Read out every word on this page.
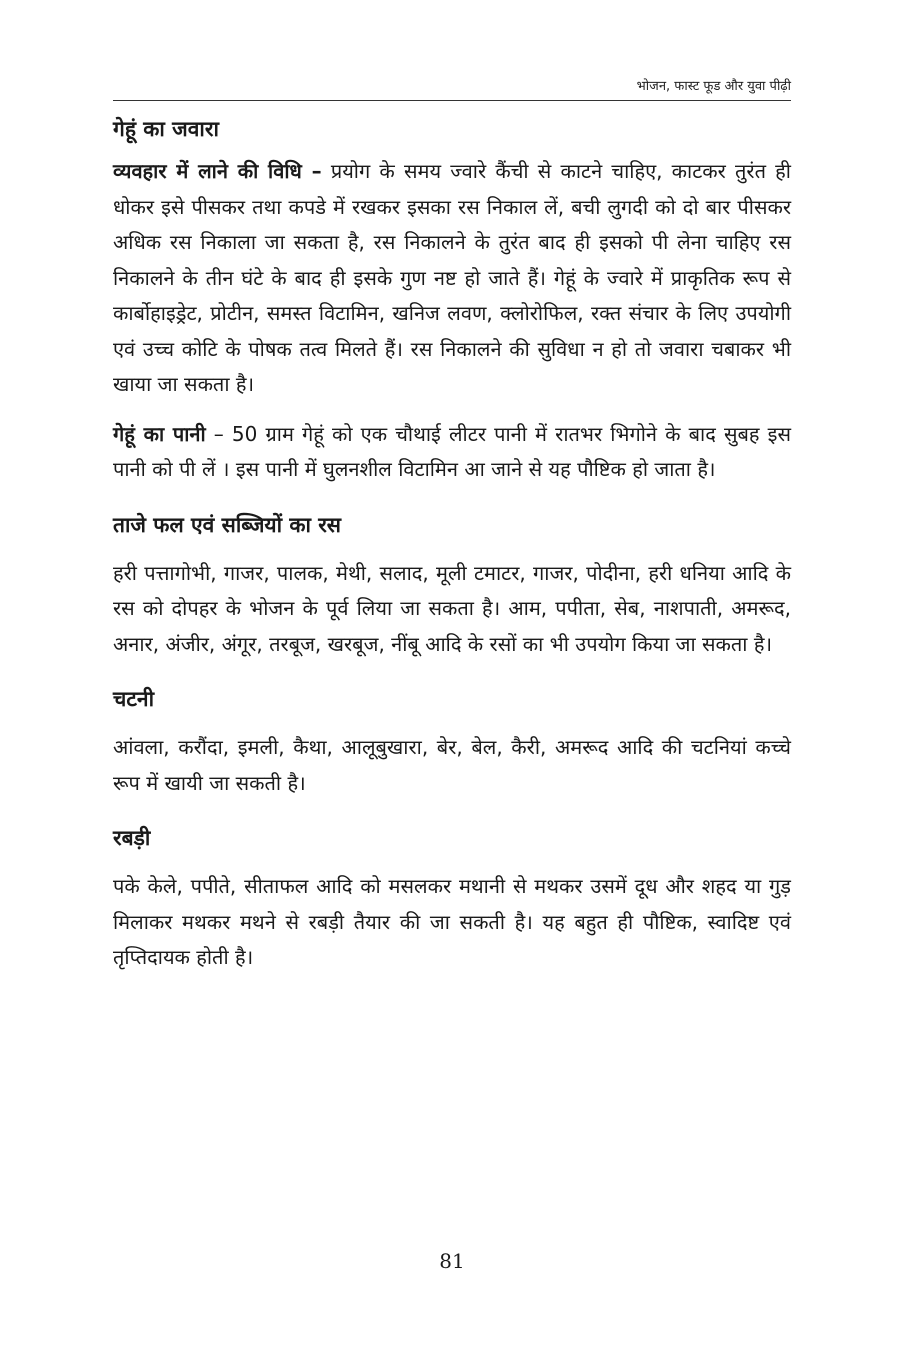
भोजन, फास्ट फूड और युवा पीढ़ी
गेहूं का जवारा

व्यवहार में लाने की विधि – प्रयोग के समय ज्वारे कैंची से काटने चाहिए, काटकर तुरंत ही धोकर इसे पीसकर तथा कपडे में रखकर इसका रस निकाल लें, बची लुगदी को दो बार पीसकर अधिक रस निकाला जा सकता है, रस निकालने के तुरंत बाद ही इसको पी लेना चाहिए रस निकालने के तीन घंटे के बाद ही इसके गुण नष्ट हो जाते हैं। गेहूं के ज्वारे में प्राकृतिक रूप से कार्बोहाइड्रेट, प्रोटीन, समस्त विटामिन, खनिज लवण, क्लोरोफिल, रक्त संचार के लिए उपयोगी एवं उच्च कोटि के पोषक तत्व मिलते हैं। रस निकालने की सुविधा न हो तो जवारा चबाकर भी खाया जा सकता है।

गेहूं का पानी – 50 ग्राम गेहूं को एक चौथाई लीटर पानी में रातभर भिगोने के बाद सुबह इस पानी को पी लें । इस पानी में घुलनशील विटामिन आ जाने से यह पौष्टिक हो जाता है।

ताजे फल एवं सब्जियों का रस

हरी पत्तागोभी, गाजर, पालक, मेथी, सलाद, मूली टमाटर, गाजर, पोदीना, हरी धनिया आदि के रस को दोपहर के भोजन के पूर्व लिया जा सकता है। आम, पपीता, सेब, नाशपाती, अमरूद, अनार, अंजीर, अंगूर, तरबूज, खरबूज, नींबू आदि के रसों का भी उपयोग किया जा सकता है।

चटनी

आंवला, करौंदा, इमली, कैथा, आलूबुखारा, बेर, बेल, कैरी, अमरूद आदि की चटनियां कच्चे रूप में खायी जा सकती है।

रबड़ी

पके केले, पपीते, सीताफल आदि को मसलकर मथानी से मथकर उसमें दूध और शहद या गुड़ मिलाकर मथकर मथने से रबड़ी तैयार की जा सकती है। यह बहुत ही पौष्टिक, स्वादिष्ट एवं तृप्तिदायक होती है।

81
